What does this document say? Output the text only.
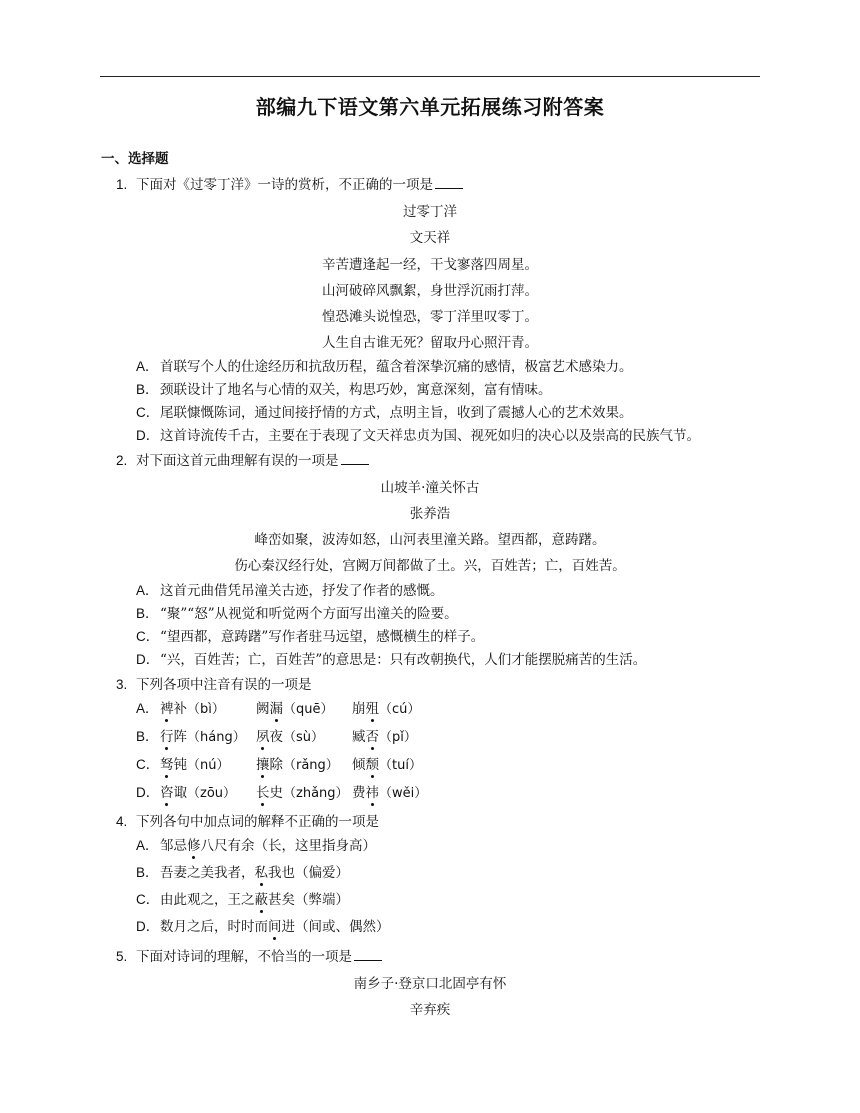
部编九下语文第六单元拓展练习附答案
一、选择题
1. 下面对《过零丁洋》一诗的赏析，不正确的一项是
过零丁洋
文天祥
辛苦遭逢起一经，干戈寥落四周星。
山河破碎风飘絮，身世浮沉雨打萍。
惶恐滩头说惶恐，零丁洋里叹零丁。
人生自古谁无死？留取丹心照汗青。
A．首联写个人的仕途经历和抗敌历程，蕴含着深挚沉痛的感情，极富艺术感染力。
B．颈联设计了地名与心情的双关，构思巧妙，寓意深刻，富有情味。
C．尾联慷慨陈词，通过间接抒情的方式，点明主旨，收到了震撼人心的艺术效果。
D．这首诗流传千古，主要在于表现了文天祥忠贞为国、视死如归的决心以及崇高的民族气节。
2. 对下面这首元曲理解有误的一项是
山坡羊·潼关怀古
张养浩
峰峦如聚，波涛如怒，山河表里潼关路。望西都，意踌躇。
伤心秦汉经行处，宫阙万间都做了土。兴，百姓苦；亡，百姓苦。
A．这首元曲借凭吊潼关古迹，抒发了作者的感慨。
B．“聚”“怒”从视觉和听觉两个方面写出潼关的险要。
C．“望西都，意踌躇”写作者驻马远望，感慨横生的样子。
D．“兴，百姓苦；亡，百姓苦”的意思是：只有改朝换代，人们才能摆脱痛苦的生活。
3. 下列各项中注音有误的一项是
A． 裨补（bì） 阙漏（quē） 崩殂（cú）
B． 行阵（háng） 夙夜（sù） 臧否（pǐ）
C． 驽钝（nú） 攘除（rǎng） 倾颓（tuí）
D． 咨诹（zōu） 长史（zhǎng） 费祎（wěi）
4. 下列各句中加点词的解释不正确的一项是
A．邹忌修八尺有余（长，这里指身高）
B．吾妻之美我者，私我也（偏爱）
C．由此观之，王之蔽甚矣（弊端）
D．数月之后，时时而间进（间或、偶然）
5. 下面对诗词的理解，不恰当的一项是
南乡子·登京口北固亭有怀
辛弃疾
